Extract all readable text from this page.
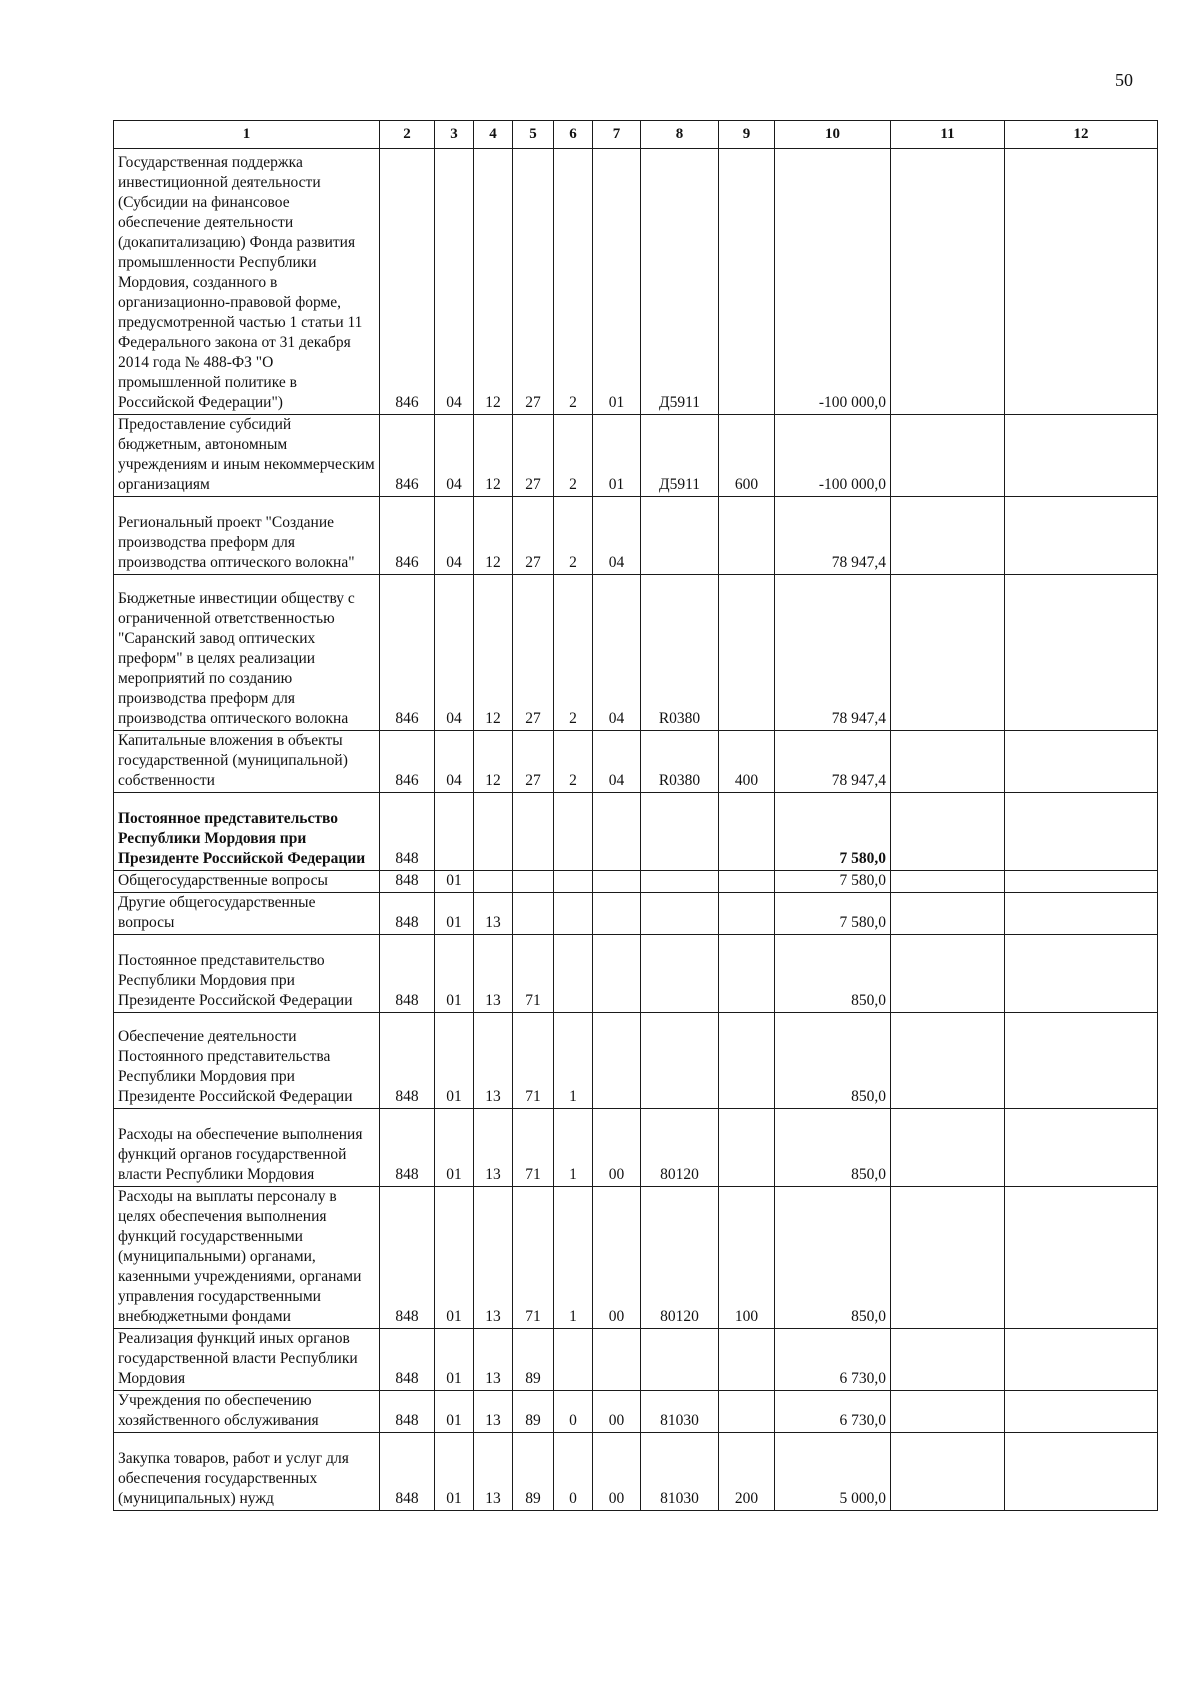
50
1	2	3	4	5	6	7	8	9	10	11	12
Государственная поддержка инвестиционной деятельности (Субсидии на финансовое обеспечение деятельности (докапитализацию) Фонда развития промышленности Республики Мордовия, созданного в организационно-правовой форме, предусмотренной частью 1 статьи 11 Федерального закона от 31 декабря 2014 года № 488-ФЗ "О промышленной политике в Российской Федерации")	846	04	12	27	2	01	Д5911		-100 000,0		
Предоставление субсидий бюджетным, автономным учреждениям и иным некоммерческим организациям	846	04	12	27	2	01	Д5911	600	-100 000,0		
Региональный проект "Создание производства преформ для производства оптического волокна"	846	04	12	27	2	04			78 947,4		
Бюджетные инвестиции обществу с ограниченной ответственностью "Саранский завод оптических преформ" в целях реализации мероприятий по созданию производства преформ для производства оптического волокна	846	04	12	27	2	04	R0380		78 947,4		
Капитальные вложения в объекты государственной (муниципальной) собственности	846	04	12	27	2	04	R0380	400	78 947,4		
Постоянное представительство Республики Мордовия при Президенте Российской Федерации	848								7 580,0		
Общегосударственные вопросы	848	01							7 580,0		
Другие общегосударственные вопросы	848	01	13						7 580,0		
Постоянное представительство Республики Мордовия при Президенте Российской Федерации	848	01	13	71					850,0		
Обеспечение деятельности Постоянного представительства Республики Мордовия при Президенте Российской Федерации	848	01	13	71	1				850,0		
Расходы на обеспечение выполнения функций органов государственной власти Республики Мордовия	848	01	13	71	1	00	80120		850,0		
Расходы на выплаты персоналу в целях обеспечения выполнения функций государственными (муниципальными) органами, казенными учреждениями, органами управления государственными внебюджетными фондами	848	01	13	71	1	00	80120	100	850,0		
Реализация функций иных органов государственной власти Республики Мордовия	848	01	13	89					6 730,0		
Учреждения по обеспечению хозяйственного обслуживания	848	01	13	89	0	00	81030		6 730,0		
Закупка товаров, работ и услуг для обеспечения государственных (муниципальных) нужд	848	01	13	89	0	00	81030	200	5 000,0		
